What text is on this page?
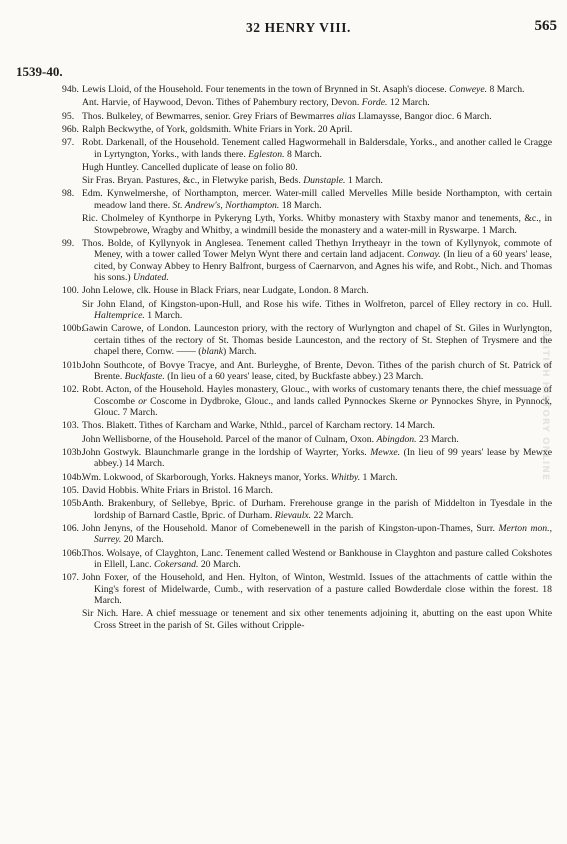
32 HENRY VIII.	565
1539-40.
94b. Lewis Lloid, of the Household. Four tenements in the town of Brynned in St. Asaph's diocese. Conweye. 8 March.
Ant. Harvie, of Haywood, Devon. Tithes of Pahembury rectory, Devon. Forde. 12 March.
95. Thos. Bulkeley, of Bewmarres, senior. Grey Friars of Bewmarres alias Llamaysse, Bangor dioc. 6 March.
96b. Ralph Beckwythe, of York, goldsmith. White Friars in York. 20 April.
97. Robt. Darkenall, of the Household. Tenement called Hagwormehall in Baldersdale, Yorks., and another called le Cragge in Lyrtyngton, Yorks., with lands there. Egleston. 8 March.
Hugh Huntley. Cancelled duplicate of lease on folio 80.
Sir Fras. Bryan. Pastures, &c., in Fletwyke parish, Beds. Dunstaple. 1 March.
98. Edm. Kynwelmershe, of Northampton, mercer. Water-mill called Mervelles Mille beside Northampton, with certain meadow land there. St. Andrew's, Northampton. 18 March.
Ric. Cholmeley of Kynthorpe in Pykeryng Lyth, Yorks. Whitby monastery with Staxby manor and tenements, &c., in Stowpebrowe, Wragby and Whitby, a windmill beside the monastery and a water-mill in Ryswarpe. 1 March.
99. Thos. Bolde, of Kyllynyok in Anglesea. Tenement called Thethyn Irrytheayr in the town of Kyllynyok, commote of Meney, with a tower called Tower Melyn Wynt there and certain land adjacent. Conway. (In lieu of a 60 years' lease, cited, by Conway Abbey to Henry Balfront, burgess of Caernarvon, and Agnes his wife, and Robt., Nich. and Thomas his sons.) Undated.
100. John Lelowe, clk. House in Black Friars, near Ludgate, London. 8 March.
Sir John Eland, of Kingston-upon-Hull, and Rose his wife. Tithes in Wolfreton, parcel of Elley rectory in co. Hull. Haltemprice. 1 March.
100b.
Gawin Carowe, of London. Launceston priory, with the rectory of Wurlyngton and chapel of St. Giles in Wurlyngton, certain tithes of the rectory of St. Thomas beside Launceston, and the rectory of St. Stephen of Trysmere and the chapel there, Cornw. —— (blank) March.
101b.
John Southcote, of Bovye Tracye, and Ant. Burleyghe, of Brente, Devon. Tithes of the parish church of St. Patrick of Brente. Buckfaste. (In lieu of a 60 years' lease, cited, by Buckfaste abbey.) 23 March.
102. Robt. Acton, of the Household. Hayles monastery, Glouc., with works of customary tenants there, the chief messuage of Coscombe or Coscome in Dydbroke, Glouc., and lands called Pynnockes Skerne or Pynnockes Shyre, in Pynnock, Glouc. 7 March.
103. Thos. Blakett. Tithes of Karcham and Warke, Nthld., parcel of Karcham rectory. 14 March.
John Wellisborne, of the Household. Parcel of the manor of Culnam, Oxon. Abingdon. 23 March.
103b.
John Gostwyk. Blaunchmarle grange in the lordship of Wayrter, Yorks. Mewxe. (In lieu of 99 years' lease by Mewxe abbey.) 14 March.
104b.
Wm. Lokwood, of Skarborough, Yorks. Hakneys manor, Yorks. Whitby. 1 March.
105. David Hobbis. White Friars in Bristol. 16 March.
105b.
Anth. Brakenbury, of Sellebye, Bpric. of Durham. Frerehouse grange in the parish of Middelton in Tyesdale in the lordship of Barnard Castle, Bpric. of Durham. Rievaulx. 22 March.
106. John Jenyns, of the Household. Manor of Comebenewell in the parish of Kingston-upon-Thames, Surr. Merton mon., Surrey. 20 March.
106b.
Thos. Wolsaye, of Clayghton, Lanc. Tenement called Westend or Bankhouse in Clayghton and pasture called Cokshotes in Ellell, Lanc. Cokersand. 20 March.
107. John Foxer, of the Household, and Hen. Hylton, of Winton, Westmld. Issues of the attachments of cattle within the King's forest of Midelwarde, Cumb., with reservation of a pasture called Bowderdale close within the forest. 18 March.
Sir Nich. Hare. A chief messuage or tenement and six other tenements adjoining it, abutting on the east upon White Cross Street in the parish of St. Giles without Cripple-
BRITISH HISTORY ONLINE
